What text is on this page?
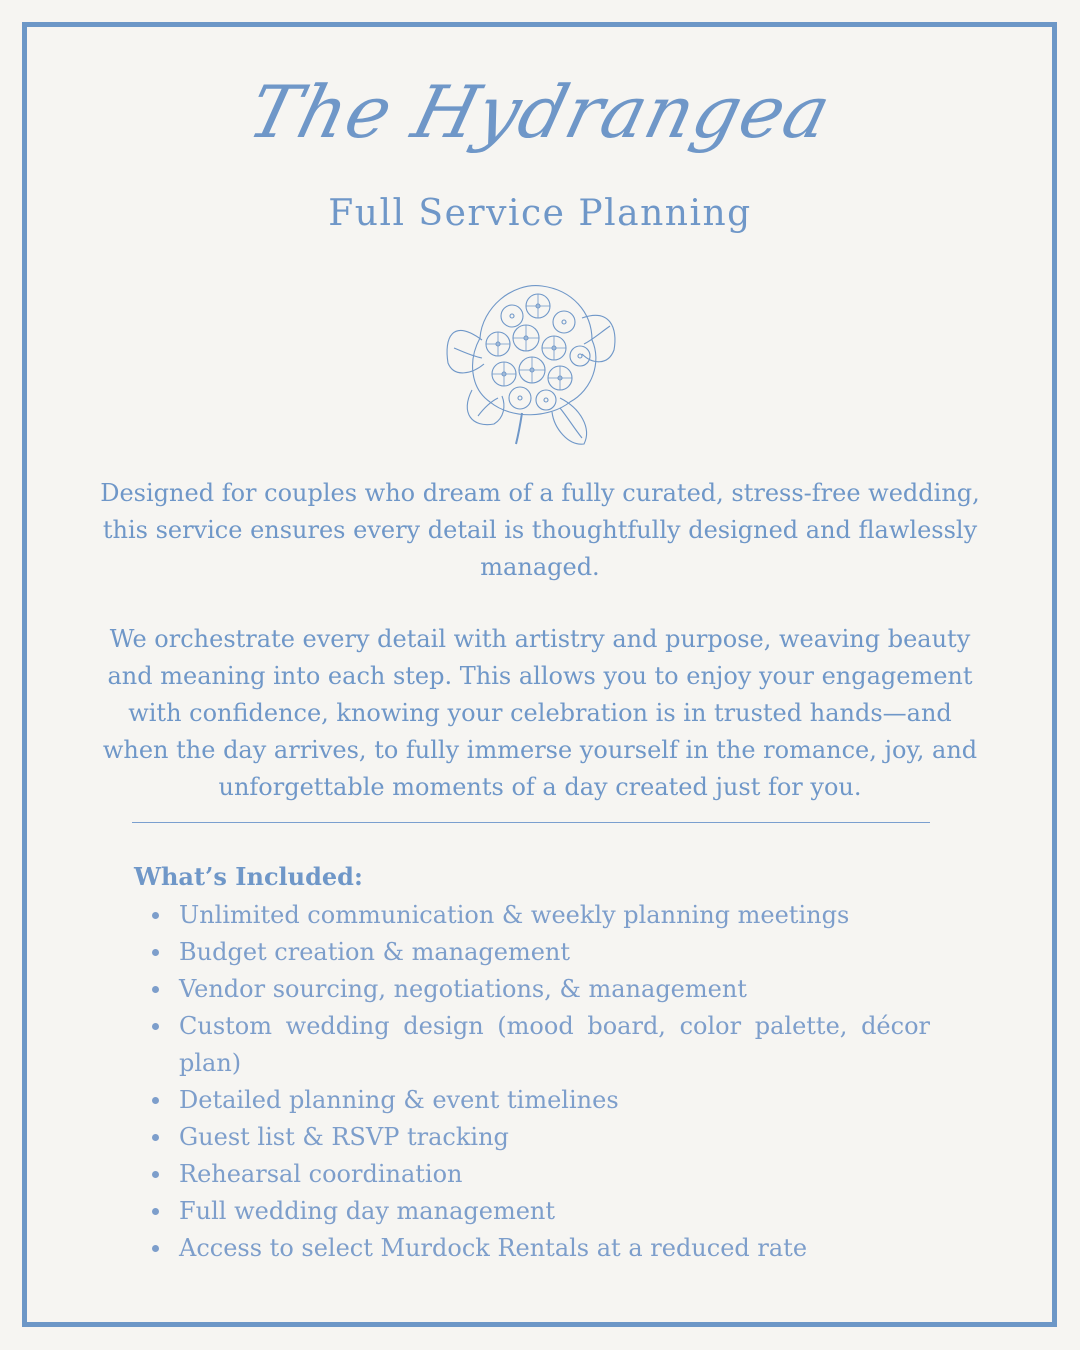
The Hydrangea
Full Service Planning

Designed for couples who dream of a fully curated, stress-free wedding, this service ensures every detail is thoughtfully designed and flawlessly managed.

We orchestrate every detail with artistry and purpose, weaving beauty and meaning into each step. This allows you to enjoy your engagement with confidence, knowing your celebration is in trusted hands—and when the day arrives, to fully immerse yourself in the romance, joy, and unforgettable moments of a day created just for you.

What’s Included:
Unlimited communication & weekly planning meetings
Budget creation & management
Vendor sourcing, negotiations, & management
Custom wedding design (mood board, color palette, décor plan)
Detailed planning & event timelines
Guest list & RSVP tracking
Rehearsal coordination
Full wedding day management
Access to select Murdock Rentals at a reduced rate
